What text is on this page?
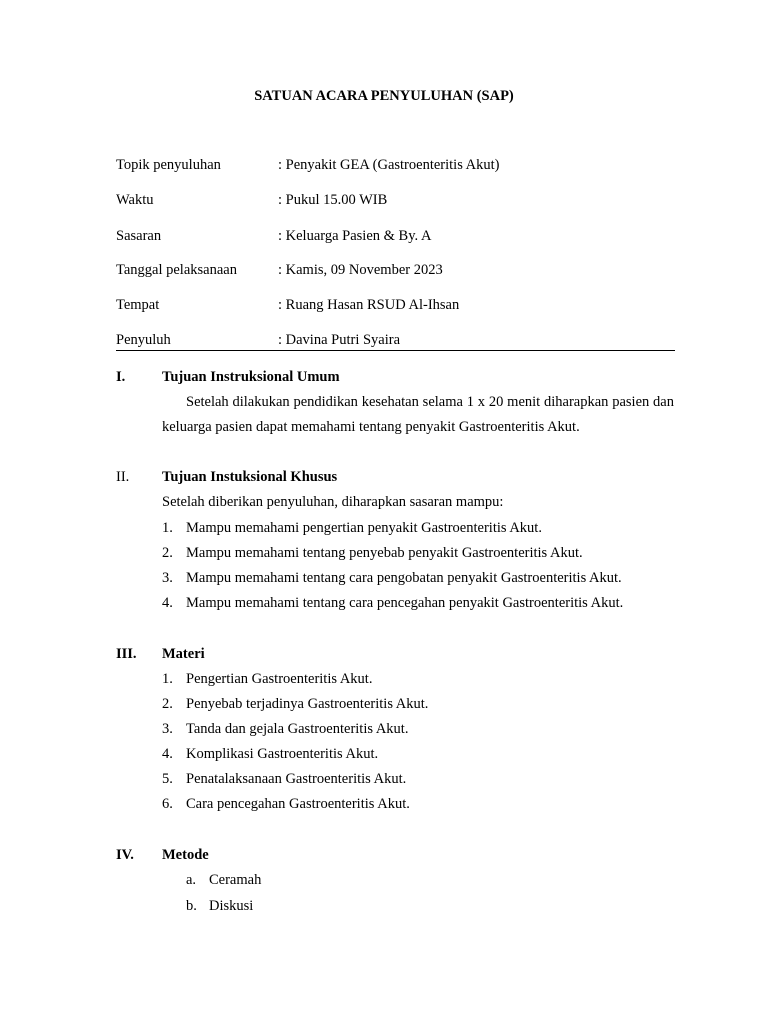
SATUAN ACARA PENYULUHAN (SAP)
Topik penyuluhan	: Penyakit GEA (Gastroenteritis Akut)
Waktu	: Pukul 15.00 WIB
Sasaran	: Keluarga Pasien & By. A
Tanggal pelaksanaan	: Kamis, 09 November 2023
Tempat	: Ruang Hasan RSUD Al-Ihsan
Penyuluh	: Davina Putri Syaira
I.	Tujuan Instruksional Umum
Setelah dilakukan pendidikan kesehatan selama 1 x 20 menit diharapkan pasien dan keluarga pasien dapat memahami tentang penyakit Gastroenteritis Akut.
II. Tujuan Instuksional Khusus
Setelah diberikan penyuluhan, diharapkan sasaran mampu:
1. Mampu memahami pengertian penyakit Gastroenteritis Akut.
2. Mampu memahami tentang penyebab penyakit Gastroenteritis Akut.
3. Mampu memahami tentang cara pengobatan penyakit Gastroenteritis Akut.
4. Mampu memahami tentang cara pencegahan penyakit Gastroenteritis Akut.
III. Materi
1. Pengertian Gastroenteritis Akut.
2. Penyebab terjadinya Gastroenteritis Akut.
3. Tanda dan gejala Gastroenteritis Akut.
4. Komplikasi Gastroenteritis Akut.
5. Penatalaksanaan Gastroenteritis Akut.
6. Cara pencegahan Gastroenteritis Akut.
IV. Metode
a. Ceramah
b. Diskusi
